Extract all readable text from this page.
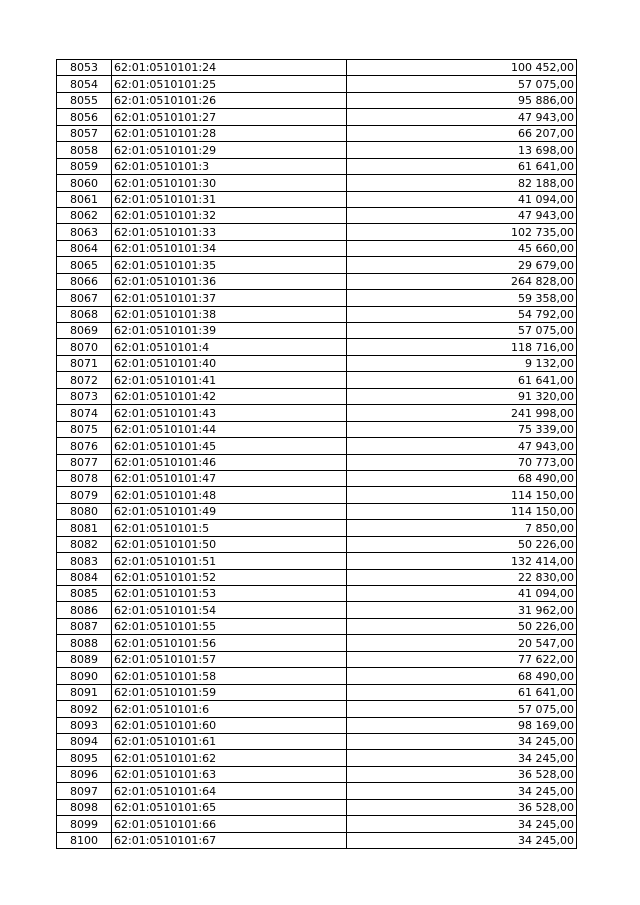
8053	62:01:0510101:24	100 452,00
8054	62:01:0510101:25	57 075,00
8055	62:01:0510101:26	95 886,00
8056	62:01:0510101:27	47 943,00
8057	62:01:0510101:28	66 207,00
8058	62:01:0510101:29	13 698,00
8059	62:01:0510101:3	61 641,00
8060	62:01:0510101:30	82 188,00
8061	62:01:0510101:31	41 094,00
8062	62:01:0510101:32	47 943,00
8063	62:01:0510101:33	102 735,00
8064	62:01:0510101:34	45 660,00
8065	62:01:0510101:35	29 679,00
8066	62:01:0510101:36	264 828,00
8067	62:01:0510101:37	59 358,00
8068	62:01:0510101:38	54 792,00
8069	62:01:0510101:39	57 075,00
8070	62:01:0510101:4	118 716,00
8071	62:01:0510101:40	9 132,00
8072	62:01:0510101:41	61 641,00
8073	62:01:0510101:42	91 320,00
8074	62:01:0510101:43	241 998,00
8075	62:01:0510101:44	75 339,00
8076	62:01:0510101:45	47 943,00
8077	62:01:0510101:46	70 773,00
8078	62:01:0510101:47	68 490,00
8079	62:01:0510101:48	114 150,00
8080	62:01:0510101:49	114 150,00
8081	62:01:0510101:5	7 850,00
8082	62:01:0510101:50	50 226,00
8083	62:01:0510101:51	132 414,00
8084	62:01:0510101:52	22 830,00
8085	62:01:0510101:53	41 094,00
8086	62:01:0510101:54	31 962,00
8087	62:01:0510101:55	50 226,00
8088	62:01:0510101:56	20 547,00
8089	62:01:0510101:57	77 622,00
8090	62:01:0510101:58	68 490,00
8091	62:01:0510101:59	61 641,00
8092	62:01:0510101:6	57 075,00
8093	62:01:0510101:60	98 169,00
8094	62:01:0510101:61	34 245,00
8095	62:01:0510101:62	34 245,00
8096	62:01:0510101:63	36 528,00
8097	62:01:0510101:64	34 245,00
8098	62:01:0510101:65	36 528,00
8099	62:01:0510101:66	34 245,00
8100	62:01:0510101:67	34 245,00
